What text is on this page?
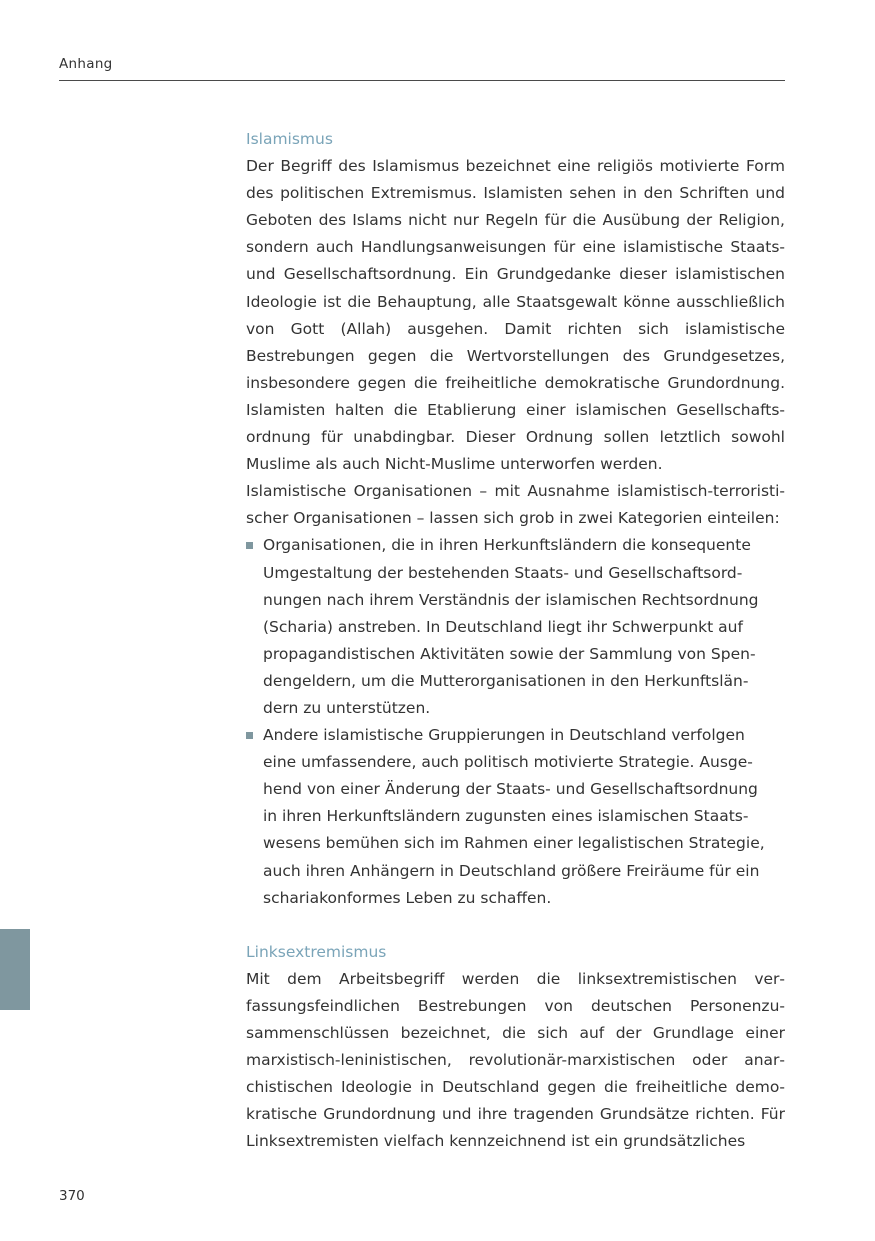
Anhang
Islamismus
Der Begriff des Islamismus bezeichnet eine religiös motivierte Form des politischen Extremismus. Islamisten sehen in den Schriften und Geboten des Islams nicht nur Regeln für die Ausübung der Religion, sondern auch Handlungsanweisungen für eine islamistische Staats- und Gesellschaftsordnung. Ein Grundgedanke dieser islamistischen Ideologie ist die Behauptung, alle Staatsgewalt könne ausschließlich von Gott (Allah) ausgehen. Damit richten sich islamistische Bestrebungen gegen die Wertvorstellungen des Grundgesetzes, insbesondere gegen die freiheitliche demokratische Grundordnung. Islamisten halten die Etablierung einer islamischen Gesellschaftsordnung für unabdingbar. Dieser Ordnung sollen letztlich sowohl Muslime als auch Nicht-Muslime unterworfen werden.
Islamistische Organisationen – mit Ausnahme islamistisch-terroristischer Organisationen – lassen sich grob in zwei Kategorien einteilen:
Organisationen, die in ihren Herkunftsländern die konsequente Umgestaltung der bestehenden Staats- und Gesellschaftsordnungen nach ihrem Verständnis der islamischen Rechtsordnung (Scharia) anstreben. In Deutschland liegt ihr Schwerpunkt auf propagandistischen Aktivitäten sowie der Sammlung von Spendengeldern, um die Mutterorganisationen in den Herkunftsländern zu unterstützen.
Andere islamistische Gruppierungen in Deutschland verfolgen eine umfassendere, auch politisch motivierte Strategie. Ausgehend von einer Änderung der Staats- und Gesellschaftsordnung in ihren Herkunftsländern zugunsten eines islamischen Staatswesens bemühen sich im Rahmen einer legalistischen Strategie, auch ihren Anhängern in Deutschland größere Freiräume für ein schariakonformes Leben zu schaffen.
Linksextremismus
Mit dem Arbeitsbegriff werden die linksextremistischen verfassungsfeindlichen Bestrebungen von deutschen Personenzusammenschlüssen bezeichnet, die sich auf der Grundlage einer marxistisch-leninistischen, revolutionär-marxistischen oder anarchistischen Ideologie in Deutschland gegen die freiheitliche demokratische Grundordnung und ihre tragenden Grundsätze richten. Für Linksextremisten vielfach kennzeichnend ist ein grundsätzliches
370
